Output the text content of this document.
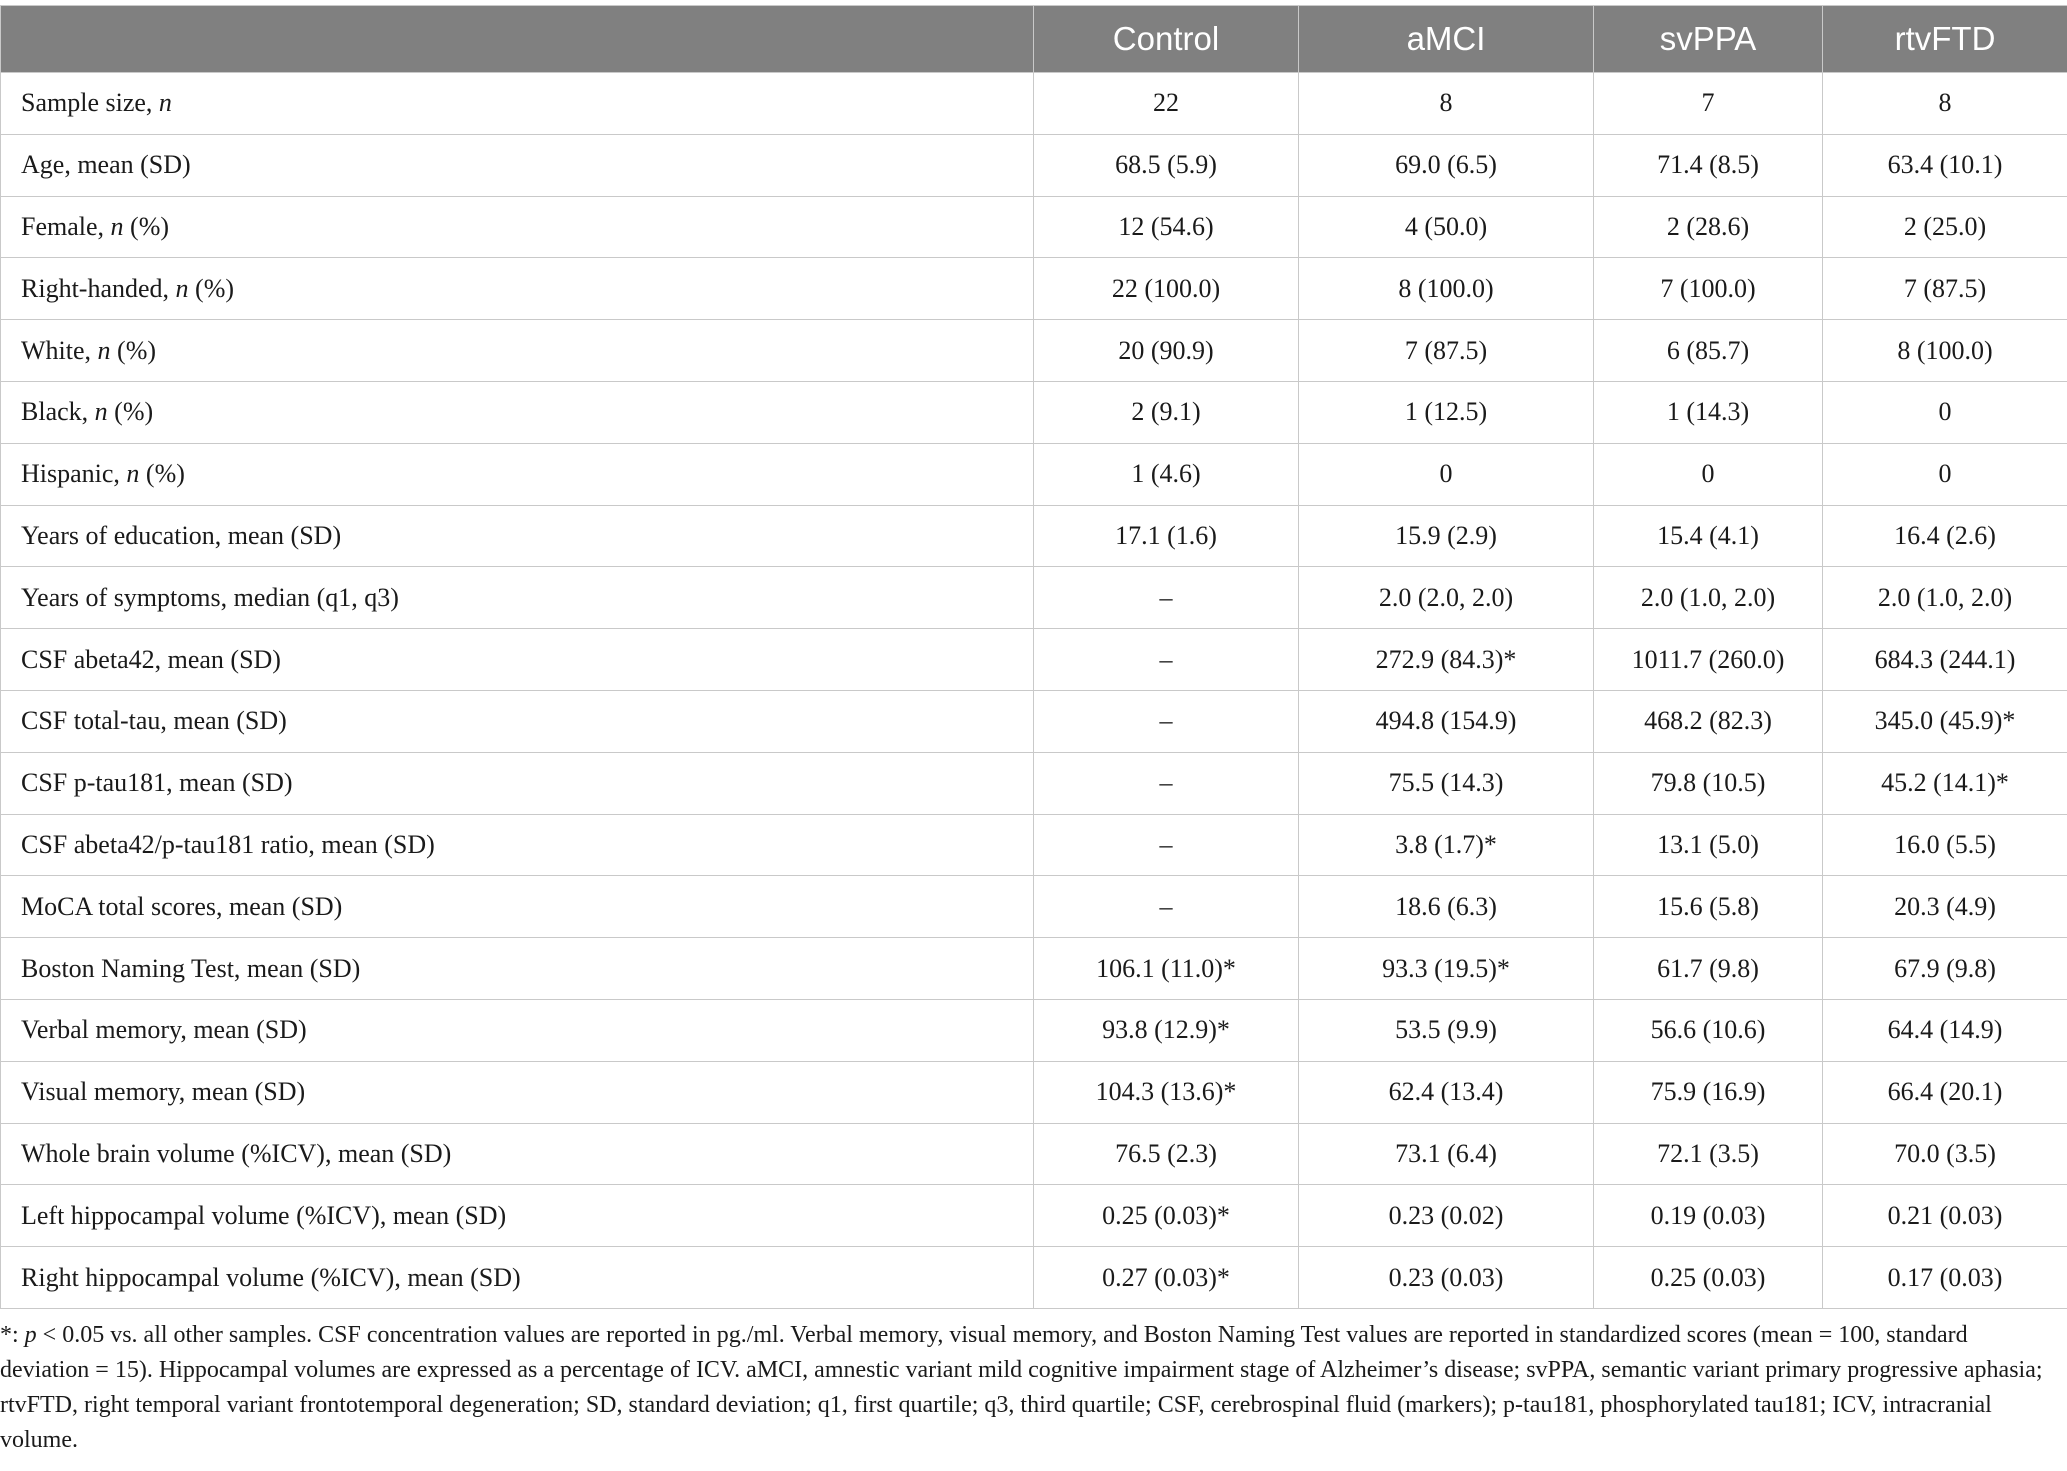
	Control	aMCI	svPPA	rtvFTD
Sample size, n	22	8	7	8
Age, mean (SD)	68.5 (5.9)	69.0 (6.5)	71.4 (8.5)	63.4 (10.1)
Female, n (%)	12 (54.6)	4 (50.0)	2 (28.6)	2 (25.0)
Right-handed, n (%)	22 (100.0)	8 (100.0)	7 (100.0)	7 (87.5)
White, n (%)	20 (90.9)	7 (87.5)	6 (85.7)	8 (100.0)
Black, n (%)	2 (9.1)	1 (12.5)	1 (14.3)	0
Hispanic, n (%)	1 (4.6)	0	0	0
Years of education, mean (SD)	17.1 (1.6)	15.9 (2.9)	15.4 (4.1)	16.4 (2.6)
Years of symptoms, median (q1, q3)	–	2.0 (2.0, 2.0)	2.0 (1.0, 2.0)	2.0 (1.0, 2.0)
CSF abeta42, mean (SD)	–	272.9 (84.3)*	1011.7 (260.0)	684.3 (244.1)
CSF total-tau, mean (SD)	–	494.8 (154.9)	468.2 (82.3)	345.0 (45.9)*
CSF p-tau181, mean (SD)	–	75.5 (14.3)	79.8 (10.5)	45.2 (14.1)*
CSF abeta42/p-tau181 ratio, mean (SD)	–	3.8 (1.7)*	13.1 (5.0)	16.0 (5.5)
MoCA total scores, mean (SD)	–	18.6 (6.3)	15.6 (5.8)	20.3 (4.9)
Boston Naming Test, mean (SD)	106.1 (11.0)*	93.3 (19.5)*	61.7 (9.8)	67.9 (9.8)
Verbal memory, mean (SD)	93.8 (12.9)*	53.5 (9.9)	56.6 (10.6)	64.4 (14.9)
Visual memory, mean (SD)	104.3 (13.6)*	62.4 (13.4)	75.9 (16.9)	66.4 (20.1)
Whole brain volume (%ICV), mean (SD)	76.5 (2.3)	73.1 (6.4)	72.1 (3.5)	70.0 (3.5)
Left hippocampal volume (%ICV), mean (SD)	0.25 (0.03)*	0.23 (0.02)	0.19 (0.03)	0.21 (0.03)
Right hippocampal volume (%ICV), mean (SD)	0.27 (0.03)*	0.23 (0.03)	0.25 (0.03)	0.17 (0.03)
*: p < 0.05 vs. all other samples. CSF concentration values are reported in pg./ml. Verbal memory, visual memory, and Boston Naming Test values are reported in standardized scores (mean = 100, standard deviation = 15). Hippocampal volumes are expressed as a percentage of ICV. aMCI, amnestic variant mild cognitive impairment stage of Alzheimer’s disease; svPPA, semantic variant primary progressive aphasia; rtvFTD, right temporal variant frontotemporal degeneration; SD, standard deviation; q1, first quartile; q3, third quartile; CSF, cerebrospinal fluid (markers); p-tau181, phosphorylated tau181; ICV, intracranial volume.
